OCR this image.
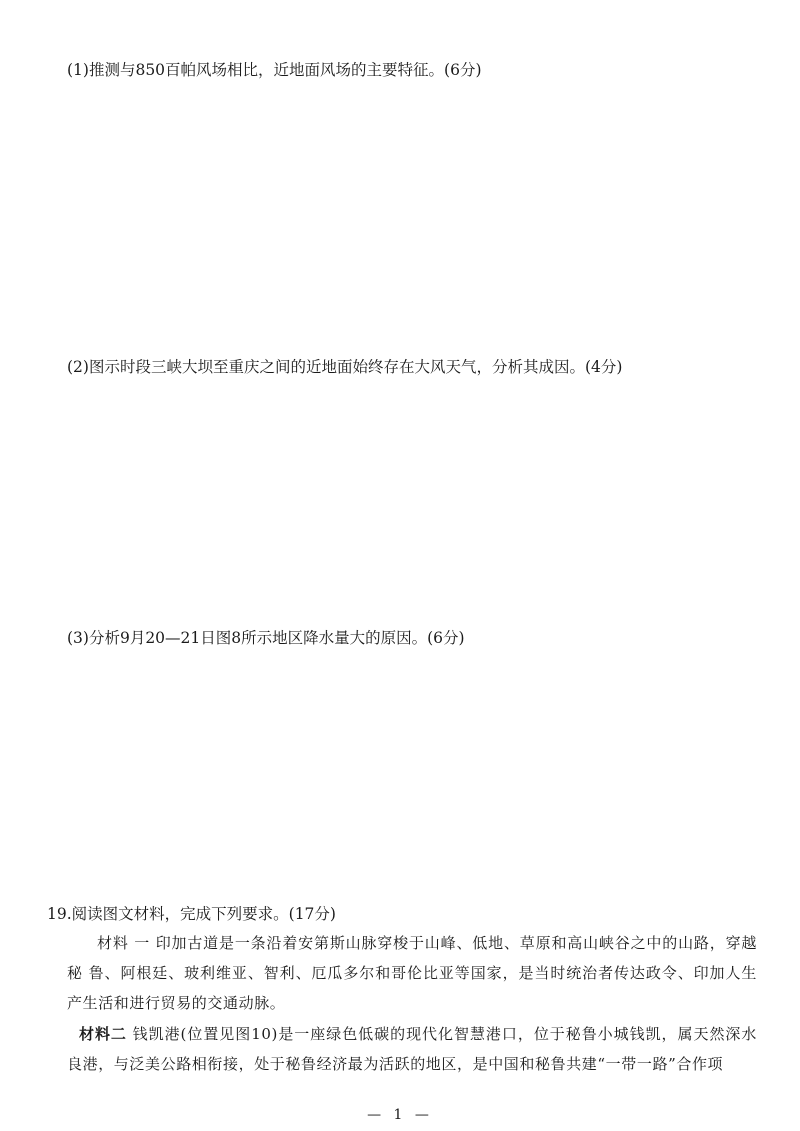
(1)推测与850百帕风场相比，近地面风场的主要特征。(6分)
(2)图示时段三峡大坝至重庆之间的近地面始终存在大风天气，分析其成因。(4分)
(3)分析9月20—21日图8所示地区降水量大的原因。(6分)
19.阅读图文材料，完成下列要求。(17分)
材料 一 印加古道是一条沿着安第斯山脉穿梭于山峰、低地、草原和高山峡谷之中的山路，穿越秘 鲁、阿根廷、玻利维亚、智利、厄瓜多尔和哥伦比亚等国家，是当时统治者传达政令、印加人生产生活和进行贸易的交通动脉。
材料二 钱凯港(位置见图10)是一座绿色低碳的现代化智慧港口，位于秘鲁小城钱凯，属天然深水良港，与泛美公路相衔接，处于秘鲁经济最为活跃的地区，是中国和秘鲁共建“一带一路”合作项
— 1 —
